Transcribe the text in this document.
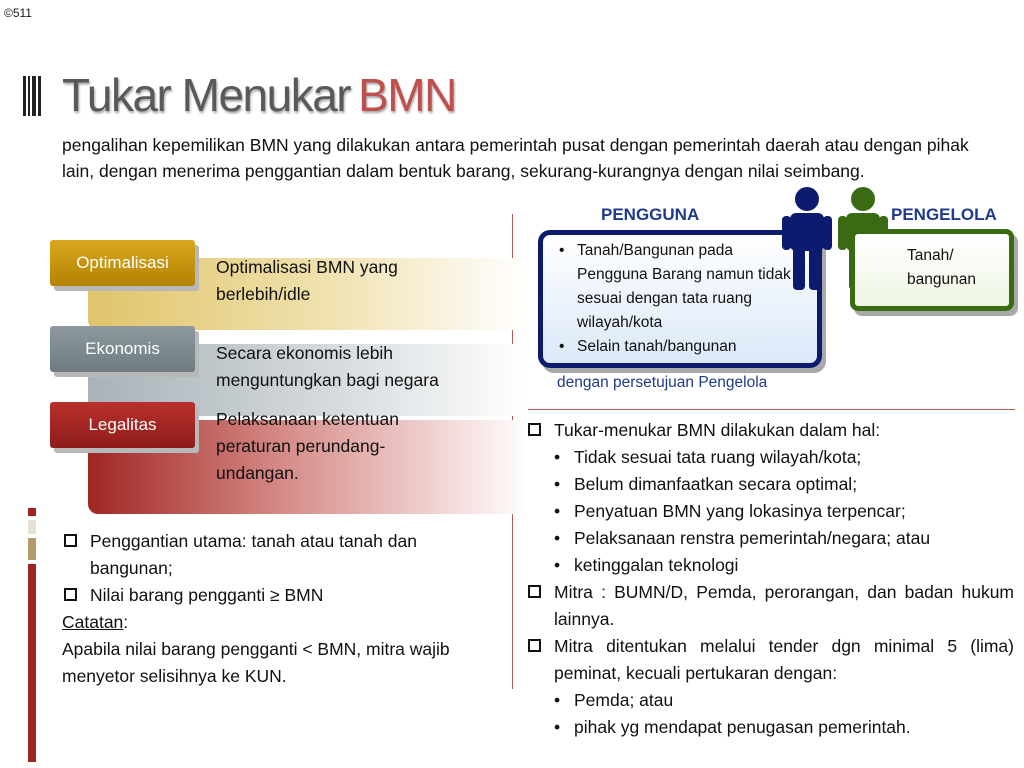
©511
Tukar Menukar BMN
pengalihan kepemilikan BMN yang dilakukan antara pemerintah pusat dengan pemerintah daerah atau dengan pihak lain, dengan menerima penggantian dalam bentuk barang, sekurang-kurangnya dengan nilai seimbang.
Optimalisasi	Optimalisasi BMN yang
berlebih/idle
Ekonomis	Secara ekonomis lebih
menguntungkan bagi negara
Legalitas	Pelaksanaan ketentuan
peraturan perundang-
undangan.
Penggantian utama: tanah atau tanah dan bangunan;
Nilai barang pengganti ≥ BMN
Catatan:
Apabila nilai barang pengganti < BMN, mitra wajib menyetor selisihnya ke KUN.
PENGGUNA
• Tanah/Bangunan pada Pengguna Barang namun tidak sesuai dengan tata ruang wilayah/kota
• Selain tanah/bangunan
dengan persetujuan Pengelola
PENGELOLA
Tanah/
bangunan
Tukar-menukar BMN dilakukan dalam hal:
• Tidak sesuai tata ruang wilayah/kota;
• Belum dimanfaatkan secara optimal;
• Penyatuan BMN yang lokasinya terpencar;
• Pelaksanaan renstra pemerintah/negara; atau
• ketinggalan teknologi
Mitra : BUMN/D, Pemda, perorangan, dan badan hukum lainnya.
Mitra ditentukan melalui tender dgn minimal 5 (lima) peminat, kecuali pertukaran dengan:
• Pemda; atau
• pihak yg mendapat penugasan pemerintah.
